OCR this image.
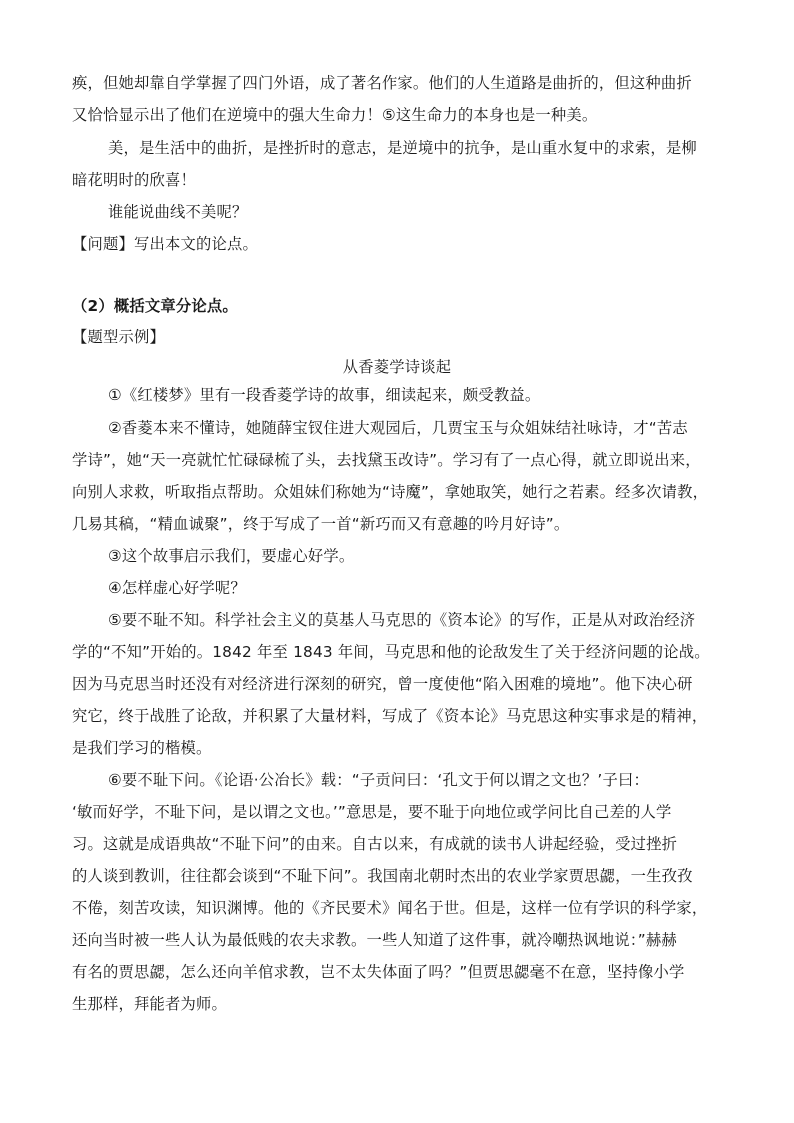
痪，但她却靠自学掌握了四门外语，成了著名作家。他们的人生道路是曲折的，但这种曲折
又恰恰显示出了他们在逆境中的强大生命力！⑤这生命力的本身也是一种美。
美，是生活中的曲折，是挫折时的意志，是逆境中的抗争，是山重水复中的求索，是柳
暗花明时的欣喜！
谁能说曲线不美呢？
【问题】写出本文的论点。
（2）概括文章分论点。
【题型示例】
从香菱学诗谈起
①《红楼梦》里有一段香菱学诗的故事，细读起来，颇受教益。
②香菱本来不懂诗，她随薛宝钗住进大观园后，几贾宝玉与众姐妹结社咏诗，才“苦志
学诗”，她“天一亮就忙忙碌碌梳了头，去找黛玉改诗”。学习有了一点心得，就立即说出来，
向别人求救，听取指点帮助。众姐妹们称她为“诗魔”，拿她取笑，她行之若素。经多次请教，
几易其稿，“精血诚聚”，终于写成了一首“新巧而又有意趣的吟月好诗”。
③这个故事启示我们，要虚心好学。
④怎样虚心好学呢？
⑤要不耻不知。科学社会主义的莫基人马克思的《资本论》的写作，正是从对政治经济
学的“不知”开始的。1842 年至 1843 年间，马克思和他的论敌发生了关于经济问题的论战。
因为马克思当时还没有对经济进行深刻的研究，曾一度使他“陷入困难的境地”。他下决心研
究它，终于战胜了论敌，并积累了大量材料，写成了《资本论》马克思这种实事求是的精神，
是我们学习的楷模。
⑥要不耻下问。《论语·公冶长》载：“子贡问曰：‘孔文于何以谓之文也？’子曰：
‘敏而好学，不耻下问，是以谓之文也。’”意思是，要不耻于向地位或学问比自己差的人学
习。这就是成语典故“不耻下问”的由来。自古以来，有成就的读书人讲起经验，受过挫折
的人谈到教训，往往都会谈到“不耻下问”。我国南北朝时杰出的农业学家贾思勰，一生孜孜
不倦，刻苦攻读，知识渊博。他的《齐民要术》闻名于世。但是，这样一位有学识的科学家，
还向当时被一些人认为最低贱的农夫求教。一些人知道了这件事，就冷嘲热讽地说：”赫赫
有名的贾思勰，怎么还向羊倌求教，岂不太失体面了吗？”但贾思勰毫不在意，坚持像小学
生那样，拜能者为师。
